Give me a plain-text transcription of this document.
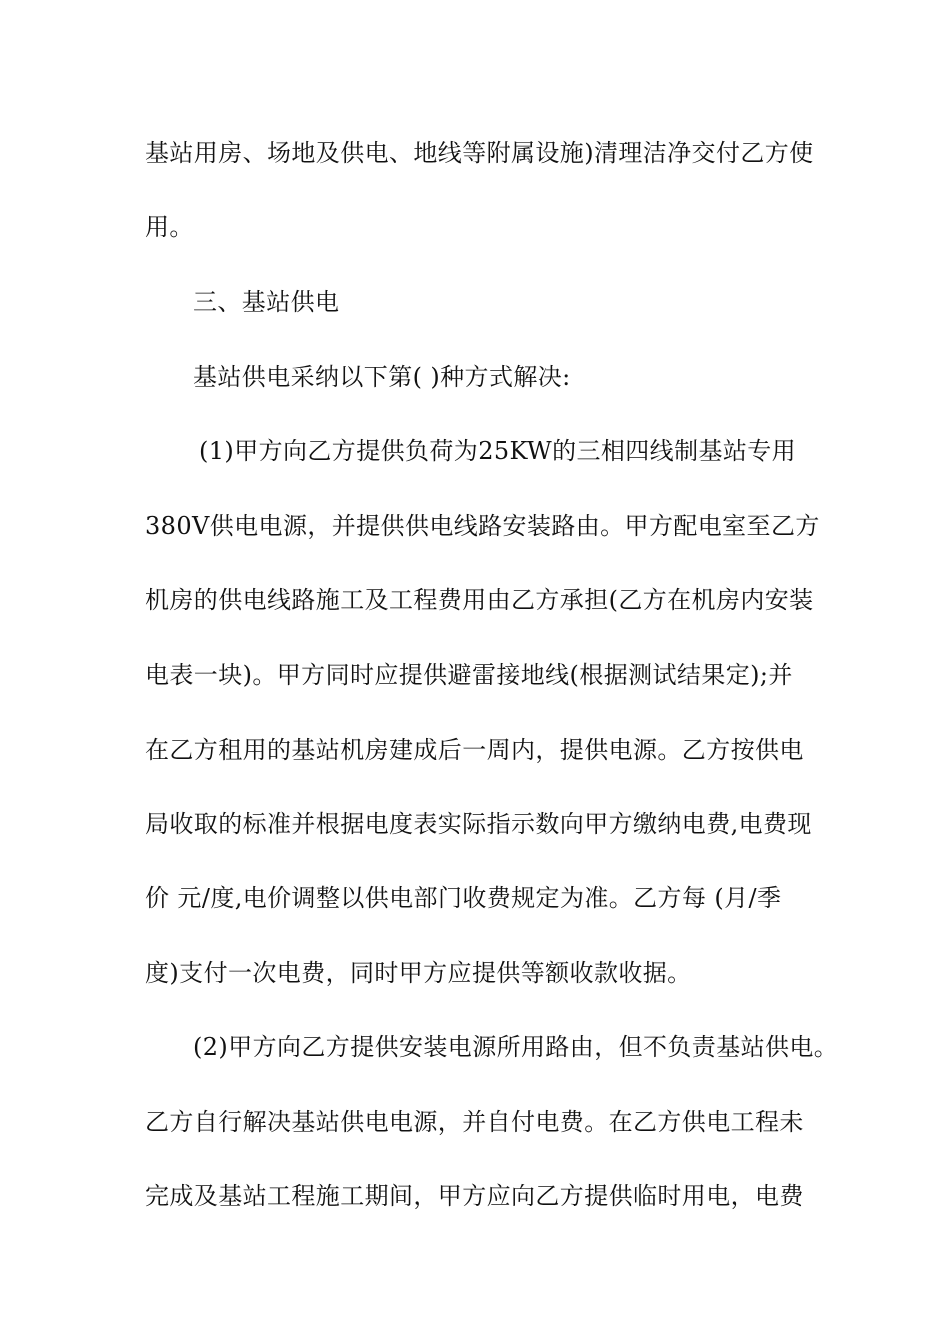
基站用房、场地及供电、地线等附属设施)清理洁净交付乙方使
用。
三、基站供电
基站供电采纳以下第( )种方式解决:
(1)甲方向乙方提供负荷为25KW的三相四线制基站专用
380V供电电源，并提供供电线路安装路由。甲方配电室至乙方
机房的供电线路施工及工程费用由乙方承担(乙方在机房内安装
电表一块)。甲方同时应提供避雷接地线(根据测试结果定);并
在乙方租用的基站机房建成后一周内，提供电源。乙方按供电
局收取的标准并根据电度表实际指示数向甲方缴纳电费,电费现
价 元/度,电价调整以供电部门收费规定为准。乙方每 (月/季
度)支付一次电费，同时甲方应提供等额收款收据。
(2)甲方向乙方提供安装电源所用路由，但不负责基站供电。
乙方自行解决基站供电电源，并自付电费。在乙方供电工程未
完成及基站工程施工期间，甲方应向乙方提供临时用电，电费
